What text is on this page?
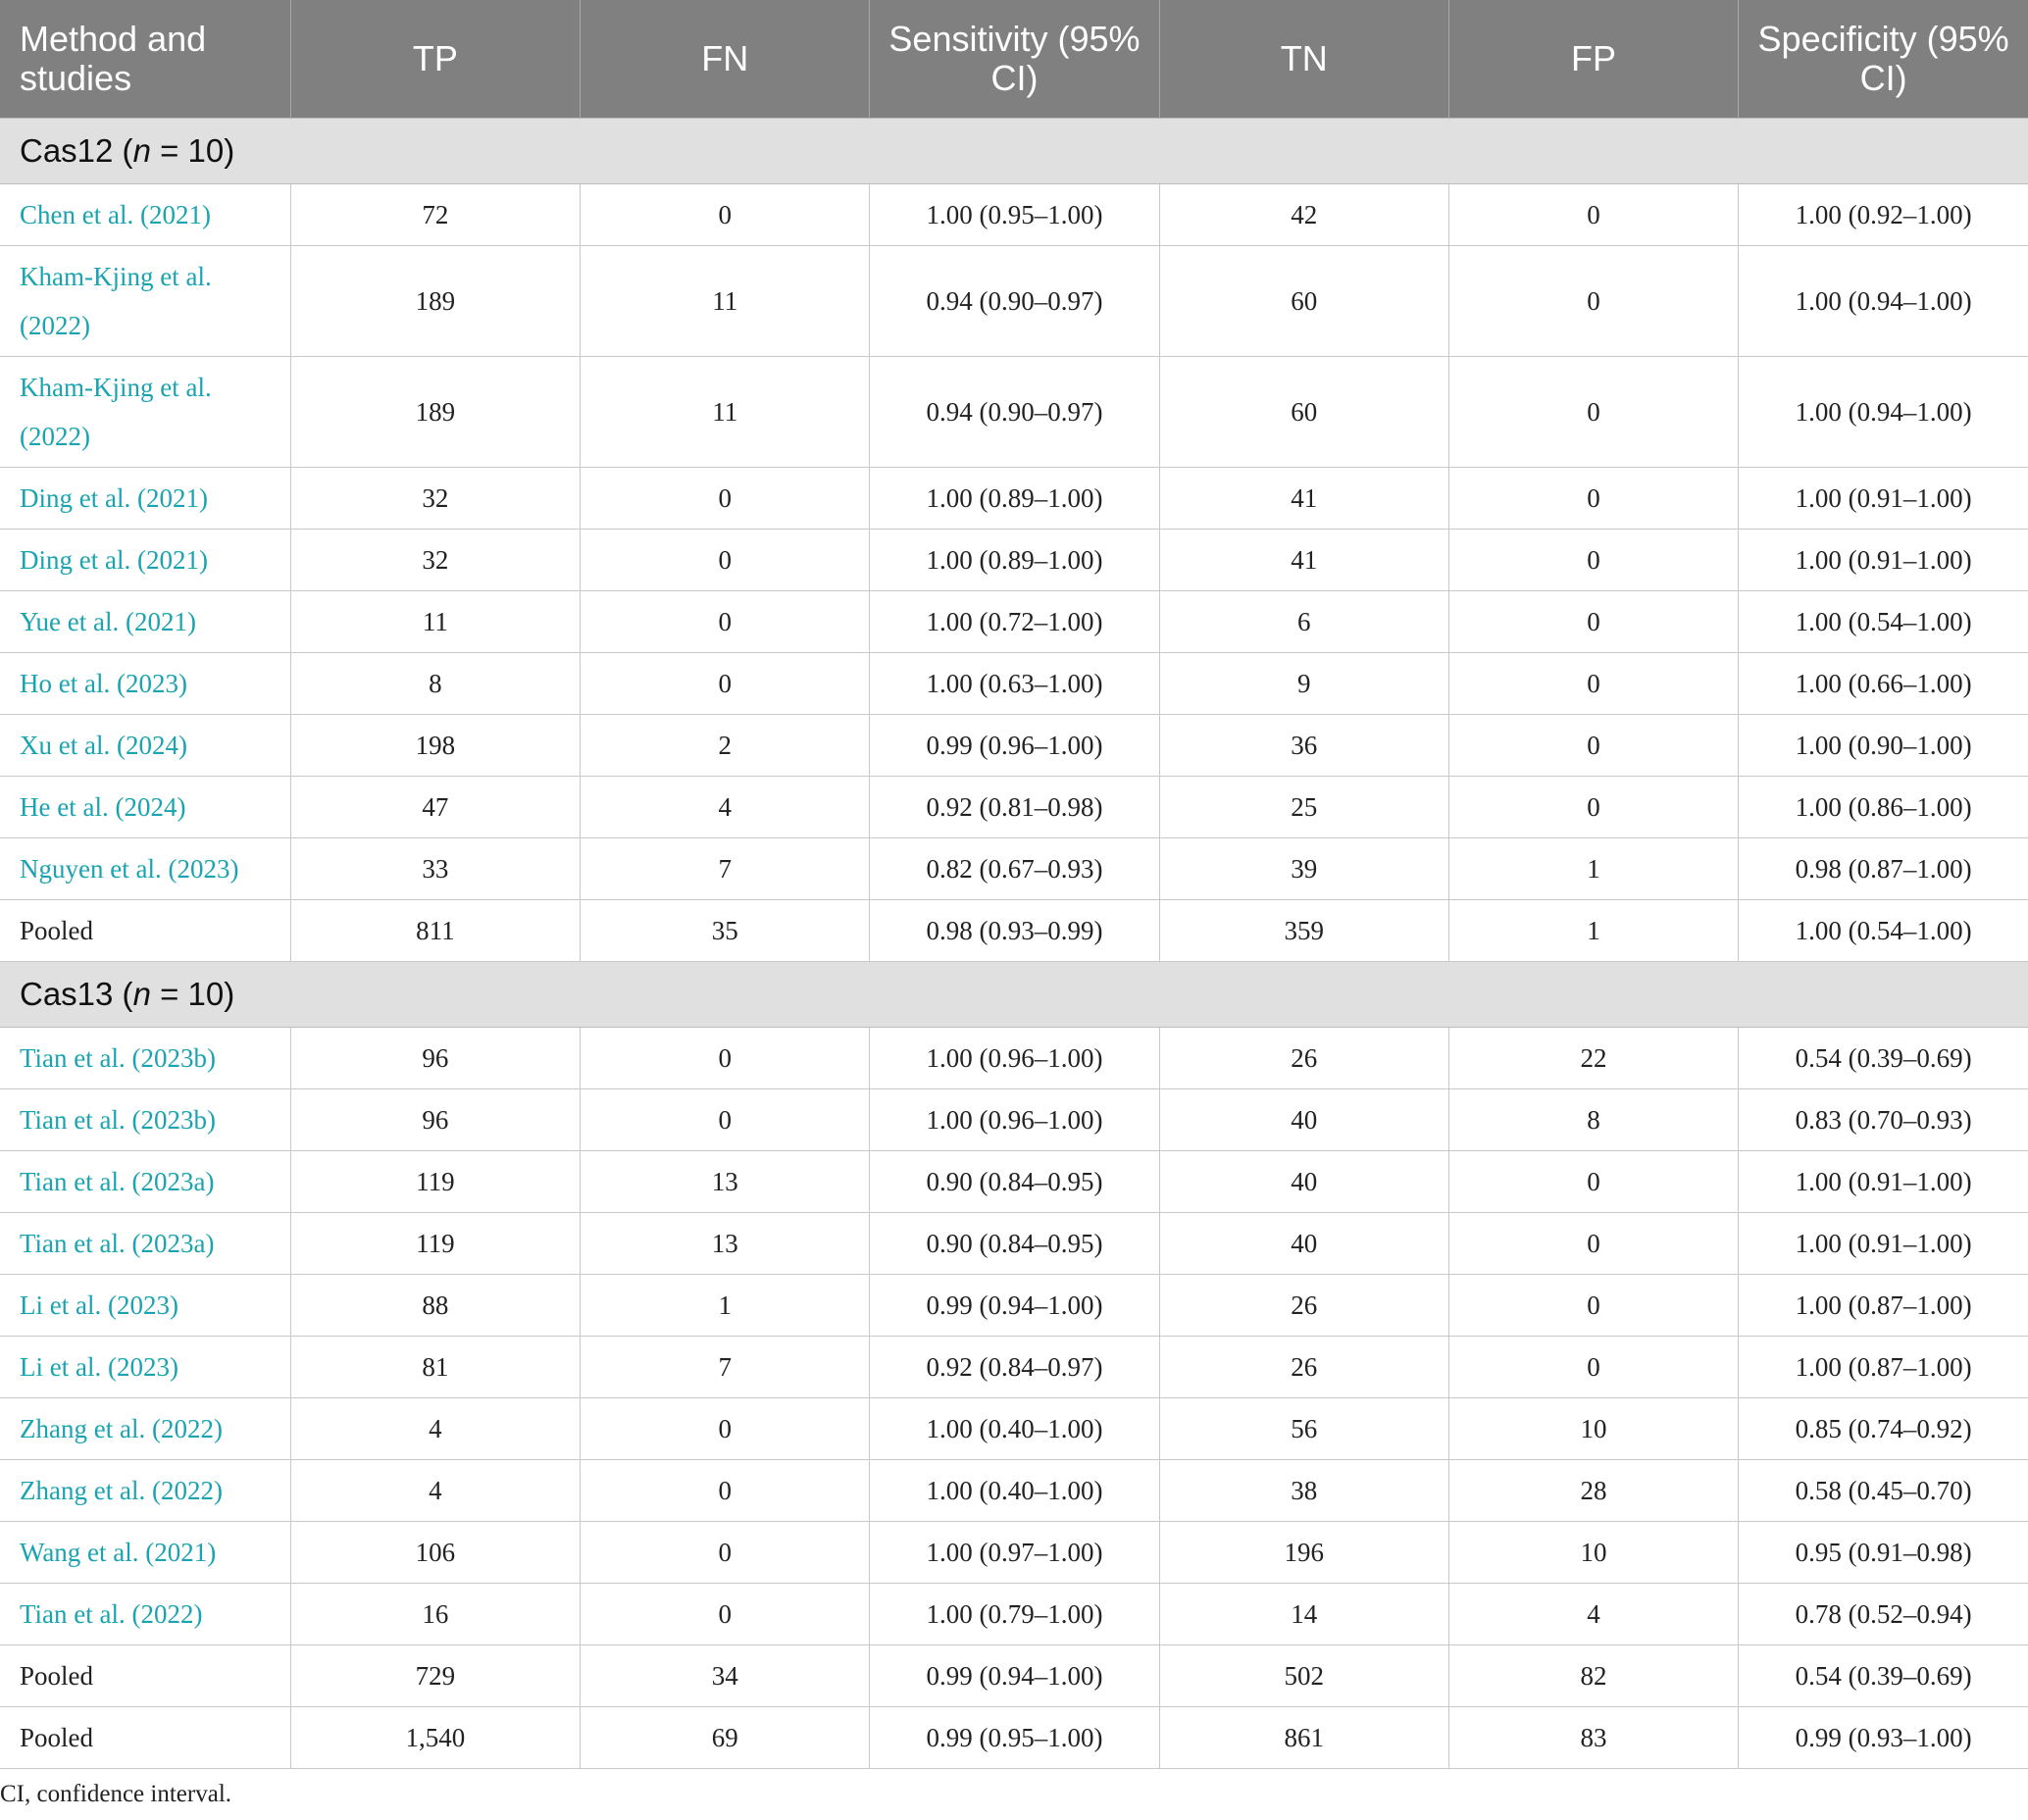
Method and studies	TP	FN	Sensitivity (95% CI)	TN	FP	Specificity (95% CI)
Cas12 (n = 10)						
Chen et al. (2021)	72	0	1.00 (0.95–1.00)	42	0	1.00 (0.92–1.00)
Kham-Kjing et al. (2022)	189	11	0.94 (0.90–0.97)	60	0	1.00 (0.94–1.00)
Kham-Kjing et al. (2022)	189	11	0.94 (0.90–0.97)	60	0	1.00 (0.94–1.00)
Ding et al. (2021)	32	0	1.00 (0.89–1.00)	41	0	1.00 (0.91–1.00)
Ding et al. (2021)	32	0	1.00 (0.89–1.00)	41	0	1.00 (0.91–1.00)
Yue et al. (2021)	11	0	1.00 (0.72–1.00)	6	0	1.00 (0.54–1.00)
Ho et al. (2023)	8	0	1.00 (0.63–1.00)	9	0	1.00 (0.66–1.00)
Xu et al. (2024)	198	2	0.99 (0.96–1.00)	36	0	1.00 (0.90–1.00)
He et al. (2024)	47	4	0.92 (0.81–0.98)	25	0	1.00 (0.86–1.00)
Nguyen et al. (2023)	33	7	0.82 (0.67–0.93)	39	1	0.98 (0.87–1.00)
Pooled	811	35	0.98 (0.93–0.99)	359	1	1.00 (0.54–1.00)
Cas13 (n = 10)						
Tian et al. (2023b)	96	0	1.00 (0.96–1.00)	26	22	0.54 (0.39–0.69)
Tian et al. (2023b)	96	0	1.00 (0.96–1.00)	40	8	0.83 (0.70–0.93)
Tian et al. (2023a)	119	13	0.90 (0.84–0.95)	40	0	1.00 (0.91–1.00)
Tian et al. (2023a)	119	13	0.90 (0.84–0.95)	40	0	1.00 (0.91–1.00)
Li et al. (2023)	88	1	0.99 (0.94–1.00)	26	0	1.00 (0.87–1.00)
Li et al. (2023)	81	7	0.92 (0.84–0.97)	26	0	1.00 (0.87–1.00)
Zhang et al. (2022)	4	0	1.00 (0.40–1.00)	56	10	0.85 (0.74–0.92)
Zhang et al. (2022)	4	0	1.00 (0.40–1.00)	38	28	0.58 (0.45–0.70)
Wang et al. (2021)	106	0	1.00 (0.97–1.00)	196	10	0.95 (0.91–0.98)
Tian et al. (2022)	16	0	1.00 (0.79–1.00)	14	4	0.78 (0.52–0.94)
Pooled	729	34	0.99 (0.94–1.00)	502	82	0.54 (0.39–0.69)
Pooled	1,540	69	0.99 (0.95–1.00)	861	83	0.99 (0.93–1.00)
CI, confidence interval.
